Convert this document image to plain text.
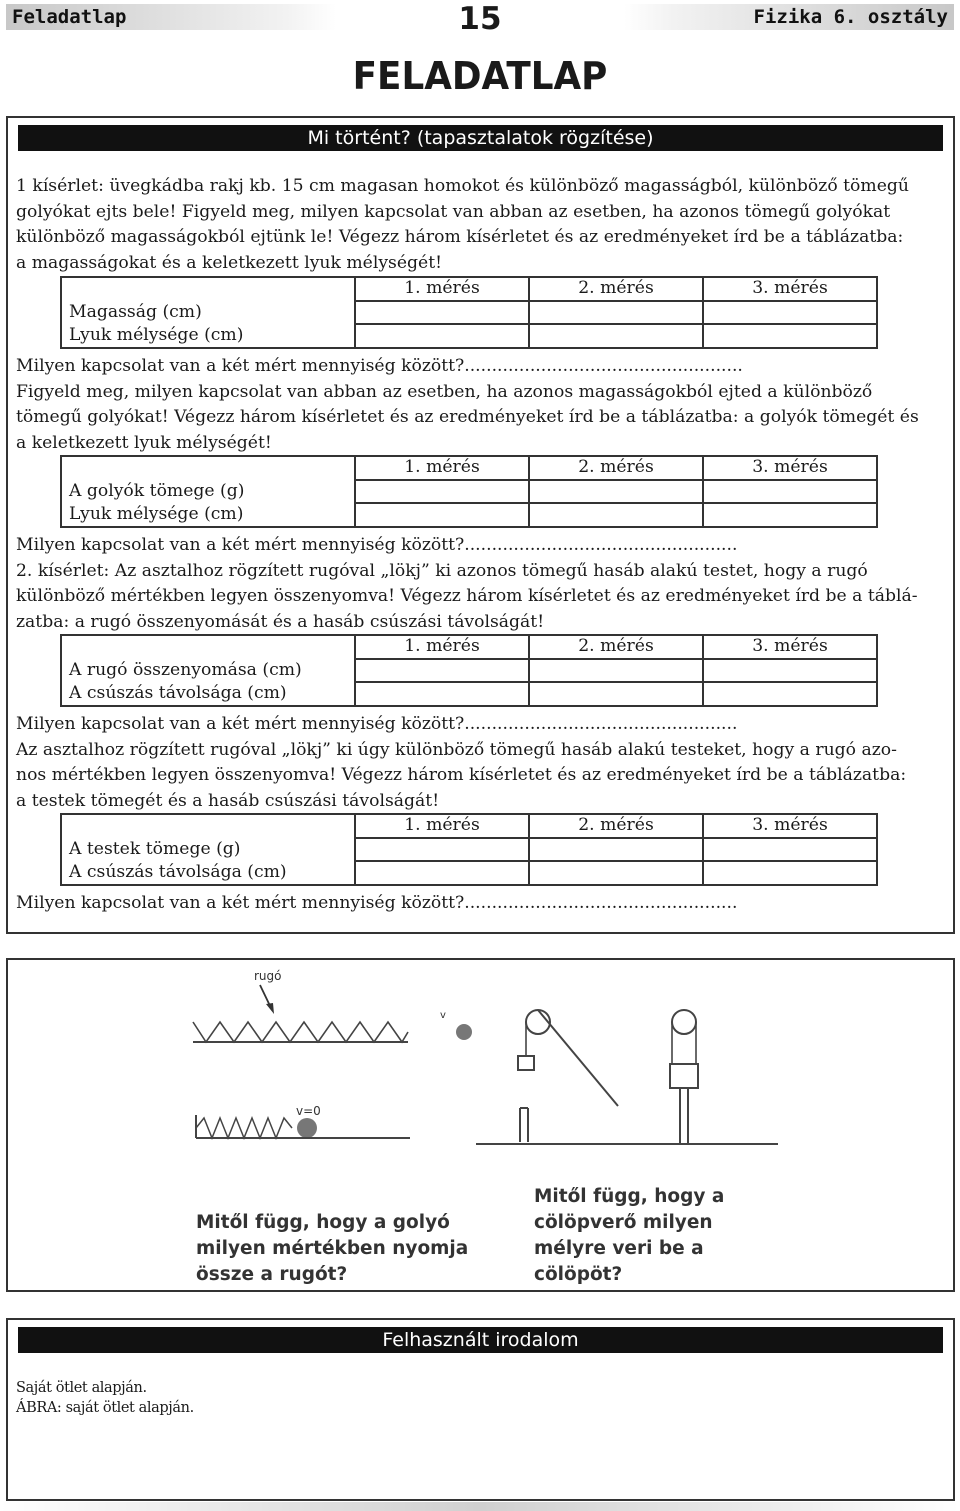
Feladatlap	15	Fizika 6. osztály
FELADATLAP
Mi történt? (tapasztalatok rögzítése)
1 kísérlet: üvegkádba rakj kb. 15 cm magasan homokot és különböző magasságból, különböző tömegű
golyókat ejts bele! Figyeld meg, milyen kapcsolat van abban az esetben, ha azonos tömegű golyókat
különböző magasságokból ejtünk le! Végezz három kísérletet és az eredményeket írd be a táblázatba:
a magasságokat és a keletkezett lyuk mélységét!
	1. mérés	2. mérés	3. mérés
Magasság (cm)			
Lyuk mélysége (cm)			
Milyen kapcsolat van a két mért mennyiség között?...................................................
Figyeld meg, milyen kapcsolat van abban az esetben, ha azonos magasságokból ejted a különböző
tömegű golyókat! Végezz három kísérletet és az eredményeket írd be a táblázatba: a golyók tömegét és
a keletkezett lyuk mélységét!
	1. mérés	2. mérés	3. mérés
A golyók tömege (g)			
Lyuk mélysége (cm)			
Milyen kapcsolat van a két mért mennyiség között?..................................................
2. kísérlet: Az asztalhoz rögzített rugóval „lökj” ki azonos tömegű hasáb alakú testet, hogy a rugó
különböző mértékben legyen összenyomva! Végezz három kísérletet és az eredményeket írd be a táblá-
zatba: a rugó összenyomását és a hasáb csúszási távolságát!
	1. mérés	2. mérés	3. mérés
A rugó összenyomása (cm)			
A csúszás távolsága (cm)			
Milyen kapcsolat van a két mért mennyiség között?..................................................
Az asztalhoz rögzített rugóval „lökj” ki úgy különböző tömegű hasáb alakú testeket, hogy a rugó azo-
nos mértékben legyen összenyomva! Végezz három kísérletet és az eredményeket írd be a táblázatba:
a testek tömegét és a hasáb csúszási távolságát!
	1. mérés	2. mérés	3. mérés
A testek tömege (g)			
A csúszás távolsága (cm)			
Milyen kapcsolat van a két mért mennyiség között?..................................................
rugó
v
v=0
Mitől függ, hogy a golyó
milyen mértékben nyomja
össze a rugót?
Mitől függ, hogy a
cölöpverő milyen
mélyre veri be a
cölöpöt?
Felhasznált irodalom
Saját ötlet alapján.
ÁBRA: saját ötlet alapján.
